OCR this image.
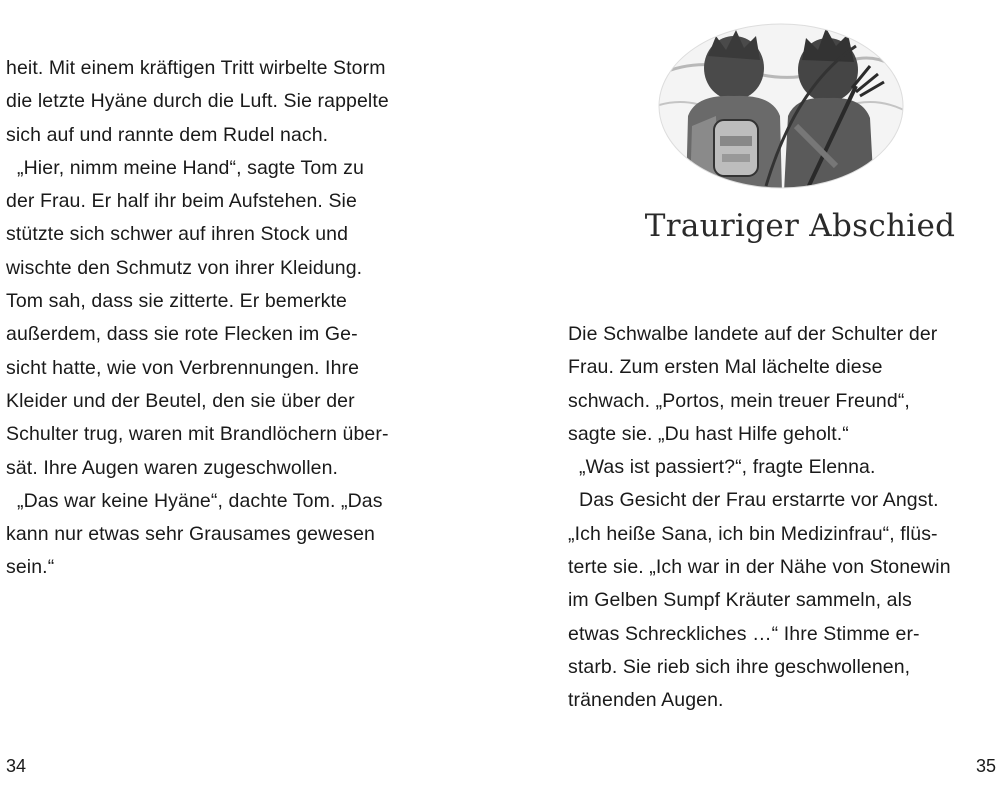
heit. Mit einem kräftigen Tritt wirbelte Storm
die letzte Hyäne durch die Luft. Sie rappelte
sich auf und rannte dem Rudel nach.
„Hier, nimm meine Hand“, sagte Tom zu
der Frau. Er half ihr beim Aufstehen. Sie
stützte sich schwer auf ihren Stock und
wischte den Schmutz von ihrer Kleidung.
Tom sah, dass sie zitterte. Er bemerkte
außerdem, dass sie rote Flecken im Ge-
sicht hatte, wie von Verbrennungen. Ihre
Kleider und der Beutel, den sie über der
Schulter trug, waren mit Brandlöchern über-
sät. Ihre Augen waren zugeschwollen.
„Das war keine Hyäne“, dachte Tom. „Das
kann nur etwas sehr Grausames gewesen
sein.“
34
Trauriger Abschied
Die Schwalbe landete auf der Schulter der
Frau. Zum ersten Mal lächelte diese
schwach. „Portos, mein treuer Freund“,
sagte sie. „Du hast Hilfe geholt.“
„Was ist passiert?“, fragte Elenna.
Das Gesicht der Frau erstarrte vor Angst.
„Ich heiße Sana, ich bin Medizinfrau“, flüs-
terte sie. „Ich war in der Nähe von Stonewin
im Gelben Sumpf Kräuter sammeln, als
etwas Schreckliches …“ Ihre Stimme er-
starb. Sie rieb sich ihre geschwollenen,
tränenden Augen.
35
